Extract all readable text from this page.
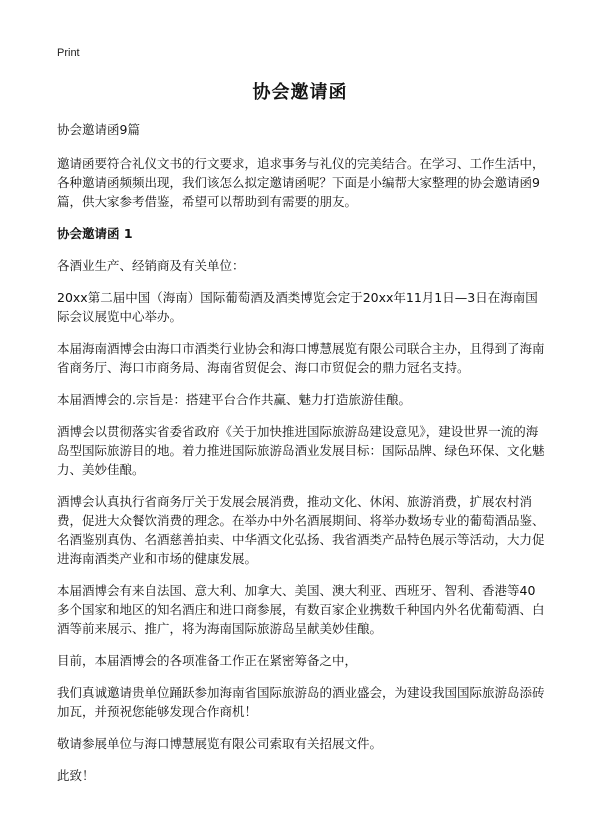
Print
协会邀请函

协会邀请函9篇

邀请函要符合礼仪文书的行文要求，追求事务与礼仪的完美结合。在学习、工作生活中，各种邀请函频频出现，我们该怎么拟定邀请函呢？下面是小编帮大家整理的协会邀请函9篇，供大家参考借鉴，希望可以帮助到有需要的朋友。

协会邀请函 1

各酒业生产、经销商及有关单位：

20xx第二届中国（海南）国际葡萄酒及酒类博览会定于20xx年11月1日—3日在海南国际会议展览中心举办。

本届海南酒博会由海口市酒类行业协会和海口博慧展览有限公司联合主办，且得到了海南省商务厅、海口市商务局、海南省贸促会、海口市贸促会的鼎力冠名支持。

本届酒博会的.宗旨是：搭建平台合作共赢、魅力打造旅游佳酿。

酒博会以贯彻落实省委省政府《关于加快推进国际旅游岛建设意见》，建设世界一流的海岛型国际旅游目的地。着力推进国际旅游岛酒业发展目标：国际品牌、绿色环保、文化魅力、美妙佳酿。

酒博会认真执行省商务厅关于发展会展消费，推动文化、休闲、旅游消费，扩展农村消费，促进大众餐饮消费的理念。在举办中外名酒展期间、将举办数场专业的葡萄酒品鉴、名酒鉴别真伪、名酒慈善拍卖、中华酒文化弘扬、我省酒类产品特色展示等活动，大力促进海南酒类产业和市场的健康发展。

本届酒博会有来自法国、意大利、加拿大、美国、澳大利亚、西班牙、智利、香港等40多个国家和地区的知名酒庄和进口商参展，有数百家企业携数千种国内外名优葡萄酒、白酒等前来展示、推广，将为海南国际旅游岛呈献美妙佳酿。

目前，本届酒博会的各项准备工作正在紧密筹备之中，

我们真诚邀请贵单位踊跃参加海南省国际旅游岛的酒业盛会，为建设我国国际旅游岛添砖加瓦，并预祝您能够发现合作商机！

敬请参展单位与海口博慧展览有限公司索取有关招展文件。

此致！
